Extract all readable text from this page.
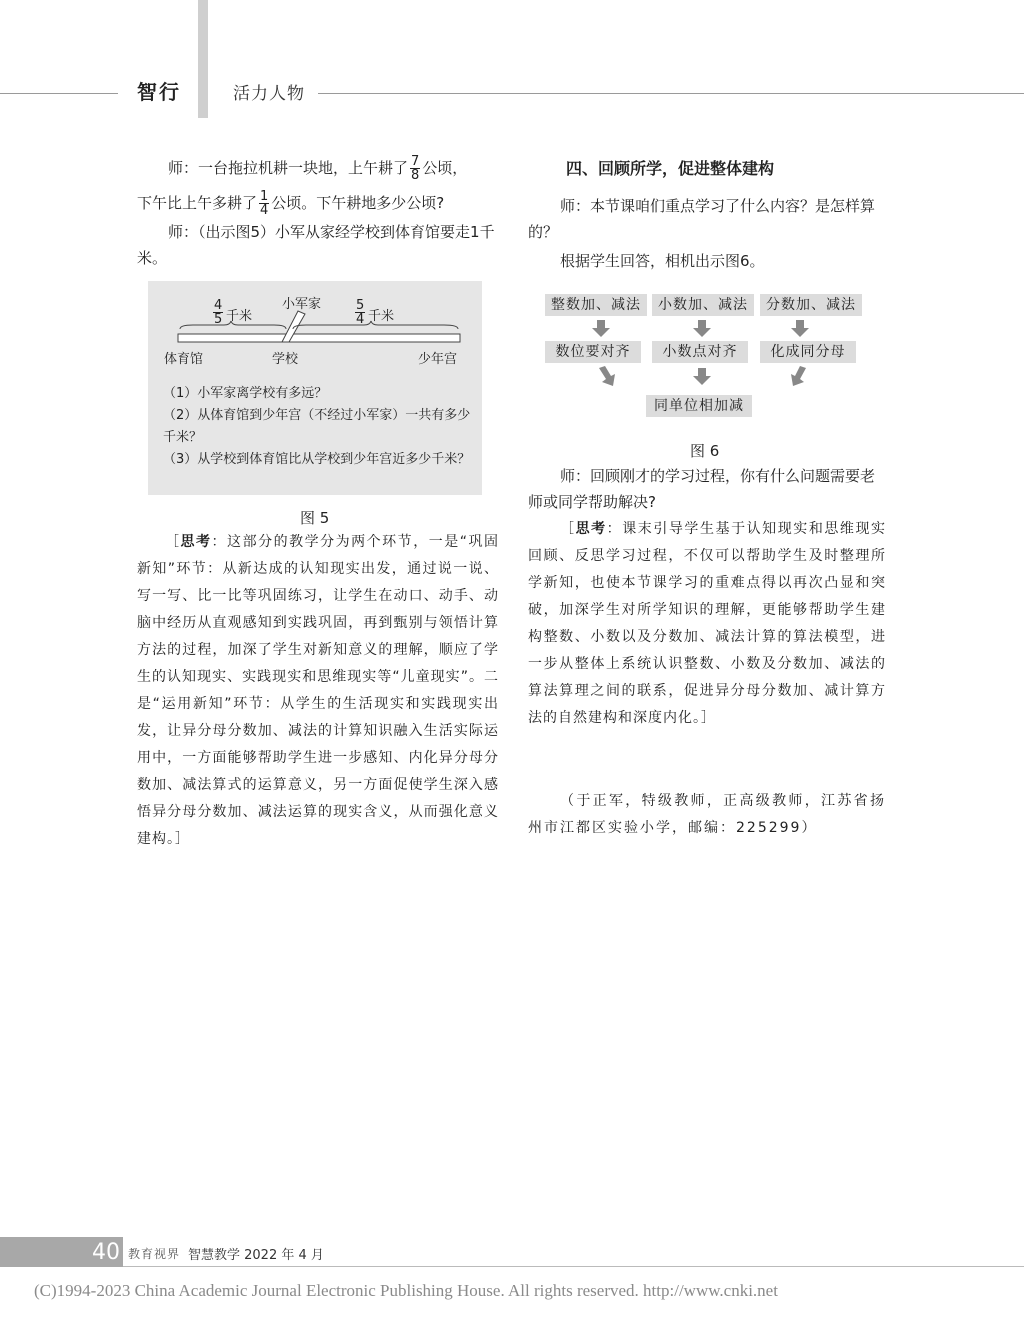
智行	活力人物
师：一台拖拉机耕一块地，上午耕了 $\frac{7}{8}$ 公顷，
下午比上午多耕了 $\frac{1}{4}$ 公顷。下午耕地多少公顷?
师：（出示图5）小军从家经学校到体育馆要走1千米。
$\frac{4}{5}$ 千米	$\frac{5}{4}$ 千米
小军家
体育馆	学校	少年宫
（1）小军家离学校有多远？
（2）从体育馆到少年宫（不经过小军家）一共有多少千米？
（3）从学校到体育馆比从学校到少年宫近多少千米？
图 5
［思考：这部分的教学分为两个环节，一是“巩固新知”环节：从新达成的认知现实出发，通过说一说、写一写、比一比等巩固练习，让学生在动口、动手、动脑中经历从直观感知到实践巩固，再到甄别与领悟计算方法的过程，加深了学生对新知意义的理解，顺应了学生的认知现实、实践现实和思维现实等“儿童现实”。二是“运用新知”环节：从学生的生活现实和实践现实出发，让异分母分数加、减法的计算知识融入生活实际运用中，一方面能够帮助学生进一步感知、内化异分母分数加、减法算式的运算意义，另一方面促使学生深入感悟异分母分数加、减法运算的现实含义，从而强化意义建构。］
四、回顾所学，促进整体建构
师：本节课咱们重点学习了什么内容？是怎样算的？
根据学生回答，相机出示图6。
整数加、减法	小数加、减法	分数加、减法
数位要对齐	小数点对齐	化成同分母
同单位相加减
图 6
师：回顾刚才的学习过程，你有什么问题需要老师或同学帮助解决?
［思考：课末引导学生基于认知现实和思维现实回顾、反思学习过程，不仅可以帮助学生及时整理所学新知，也使本节课学习的重难点得以再次凸显和突破，加深学生对所学知识的理解，更能够帮助学生建构整数、小数以及分数加、减法计算的算法模型，进一步从整体上系统认识整数、小数及分数加、减法的算法算理之间的联系，促进异分母分数加、减计算方法的自然建构和深度内化。］
（于正军，特级教师，正高级教师，江苏省扬州市江都区实验小学，邮编：225299）
40 教育视界 智慧教学 2022 年 4 月
(C)1994-2023 China Academic Journal Electronic Publishing House. All rights reserved. http://www.cnki.net
